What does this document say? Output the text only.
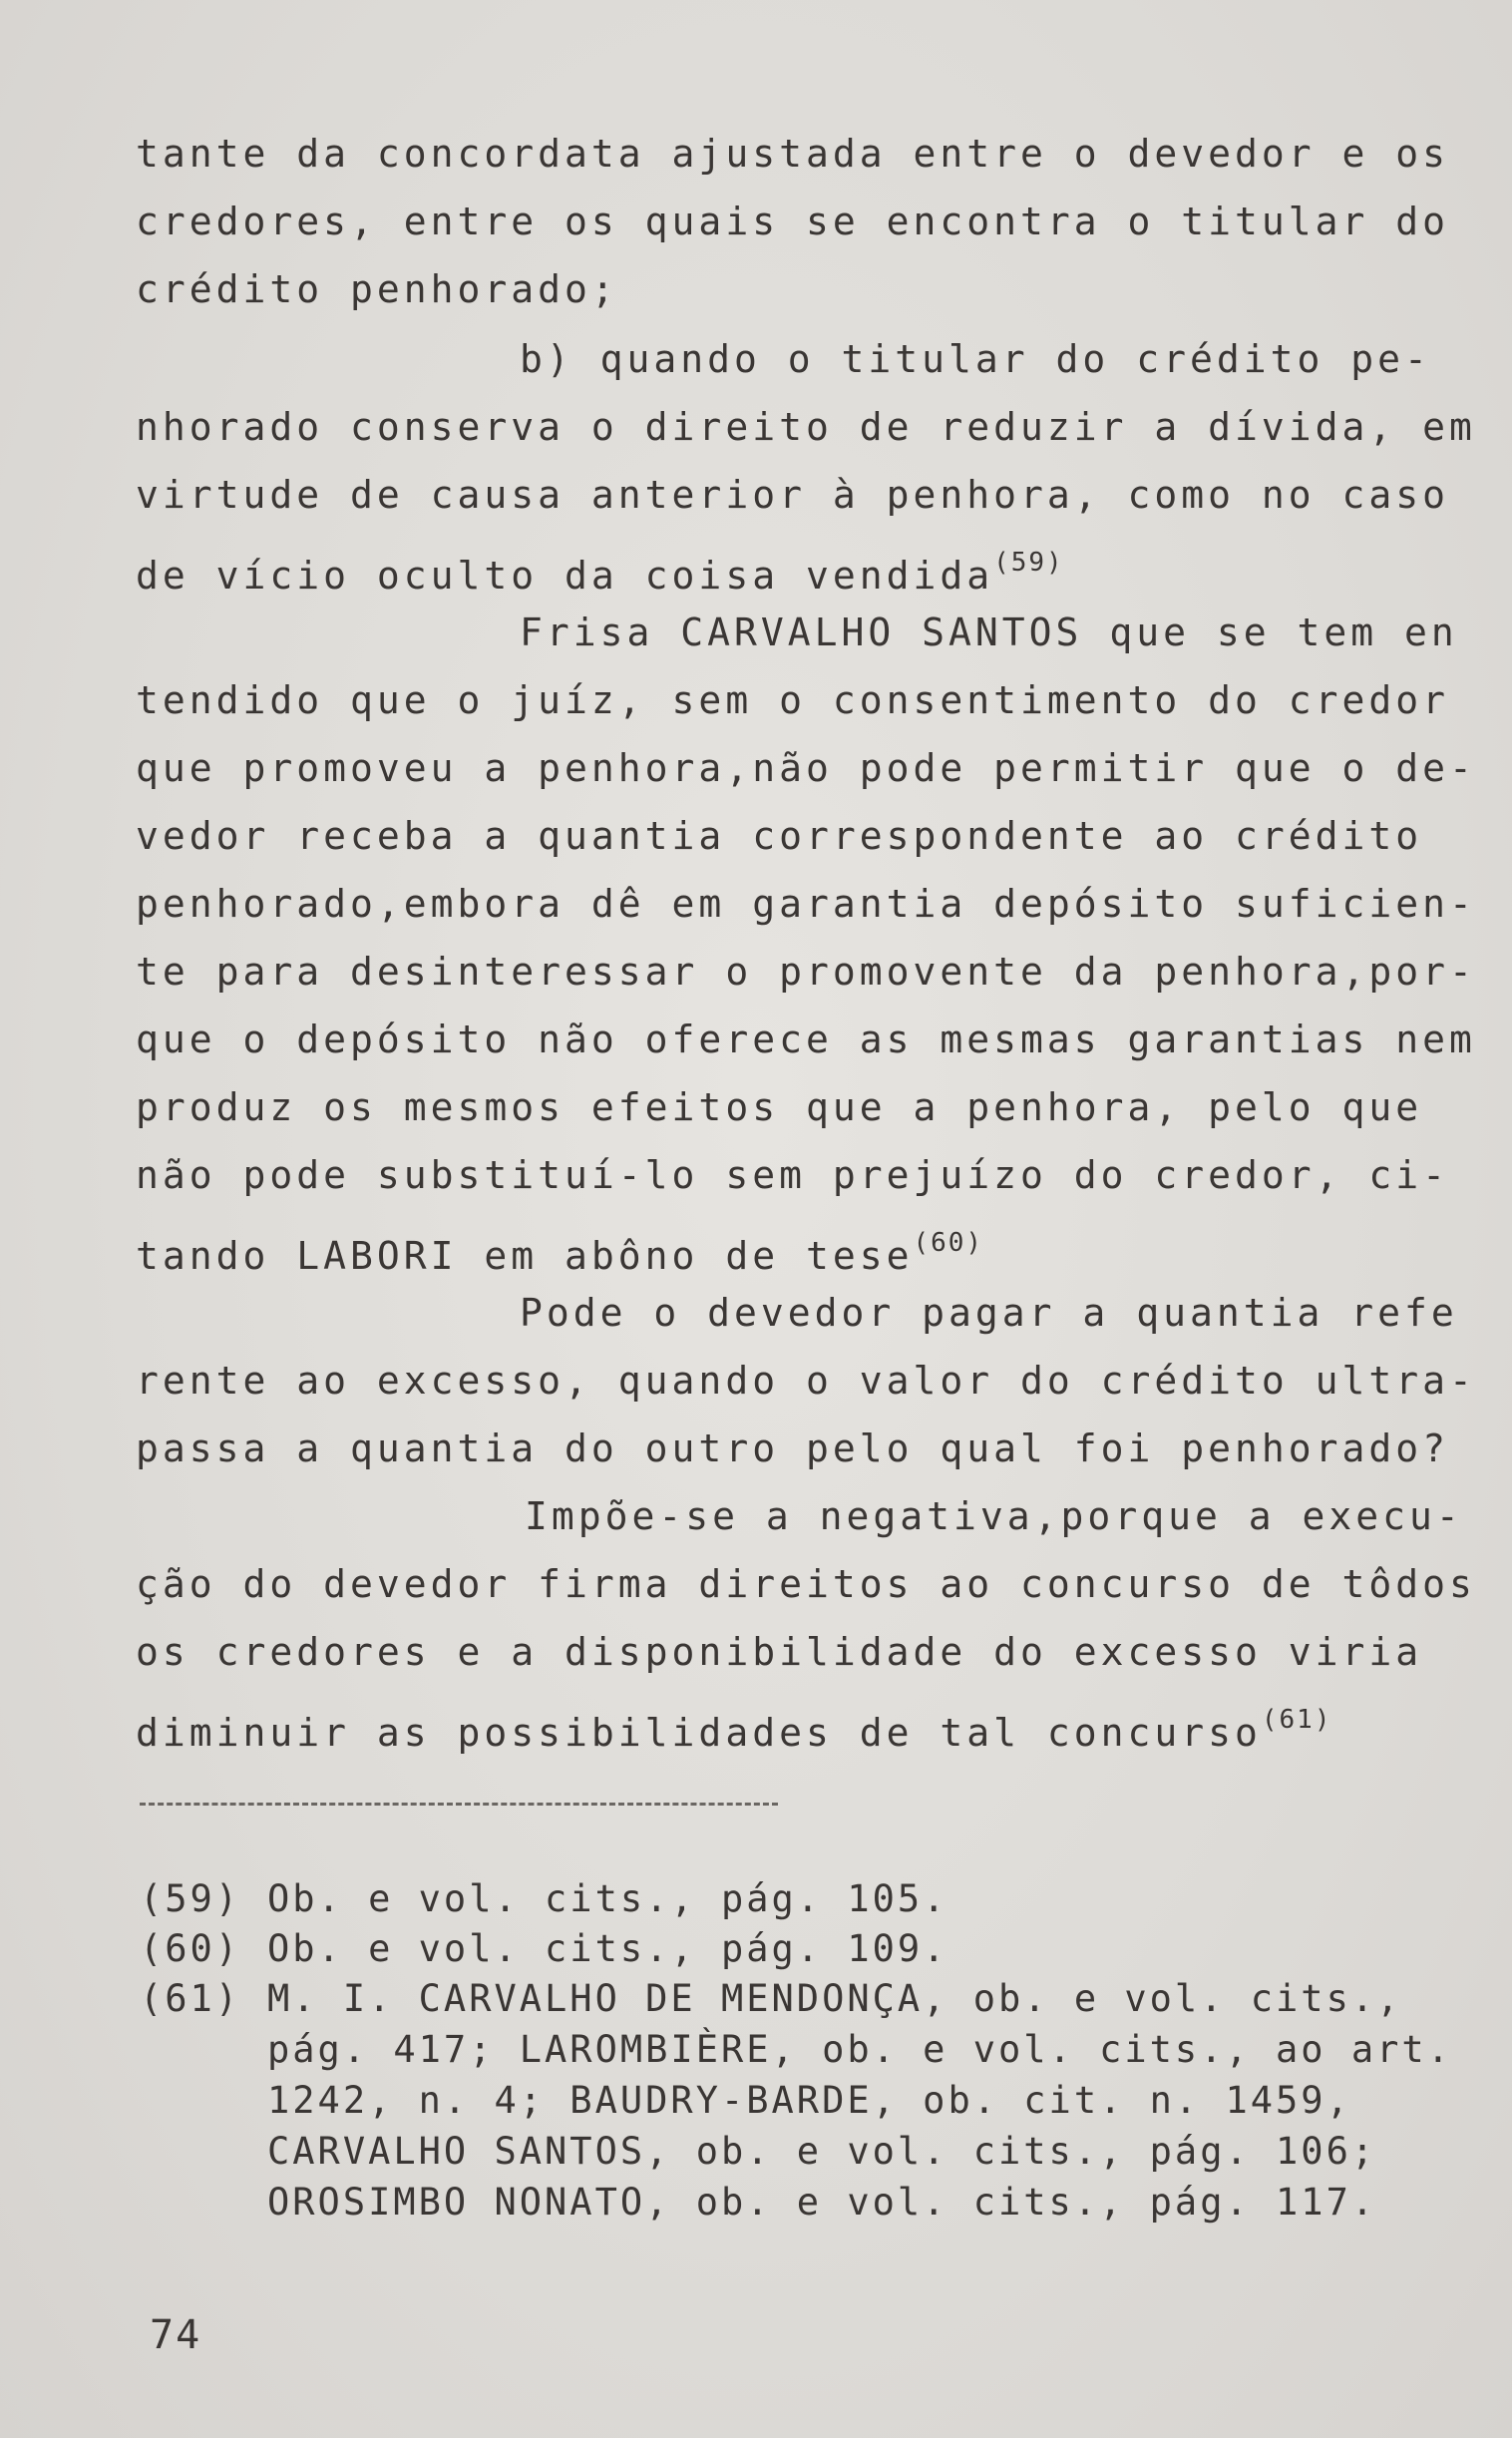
tante da concordata ajustada entre o devedor e os
credores, entre os quais se encontra o titular do
crédito penhorado;
b) quando o titular do crédito pe-
nhorado conserva o direito de reduzir a dívida, em
virtude de causa anterior à penhora, como no caso
de vício oculto da coisa vendida$^{(59)}$
Frisa CARVALHO SANTOS que se tem en
tendido que o juíz, sem o consentimento do credor
que promoveu a penhora,não pode permitir que o de-
vedor receba a quantia correspondente ao crédito
penhorado,embora dê em garantia depósito suficien-
te para desinteressar o promovente da penhora,por-
que o depósito não oferece as mesmas garantias nem
produz os mesmos efeitos que a penhora, pelo que
não pode substituí-lo sem prejuízo do credor, ci-
tando LABORI em abôno de tese$^{(60)}$
Pode o devedor pagar a quantia refe
rente ao excesso, quando o valor do crédito ultra-
passa a quantia do outro pelo qual foi penhorado?
Impõe-se a negativa,porque a execu-
ção do devedor firma direitos ao concurso de tôdos
os credores e a disponibilidade do excesso viria
diminuir as possibilidades de tal concurso$^{(61)}$
(59) Ob. e vol. cits., pág. 105.
(60) Ob. e vol. cits., pág. 109.
(61) M. I. CARVALHO DE MENDONÇA, ob. e vol. cits.,
pág. 417; LAROMBIÈRE, ob. e vol. cits., ao art.
1242, n. 4; BAUDRY-BARDE, ob. cit. n. 1459,
CARVALHO SANTOS, ob. e vol. cits., pág. 106;
OROSIMBO NONATO, ob. e vol. cits., pág. 117.
74
